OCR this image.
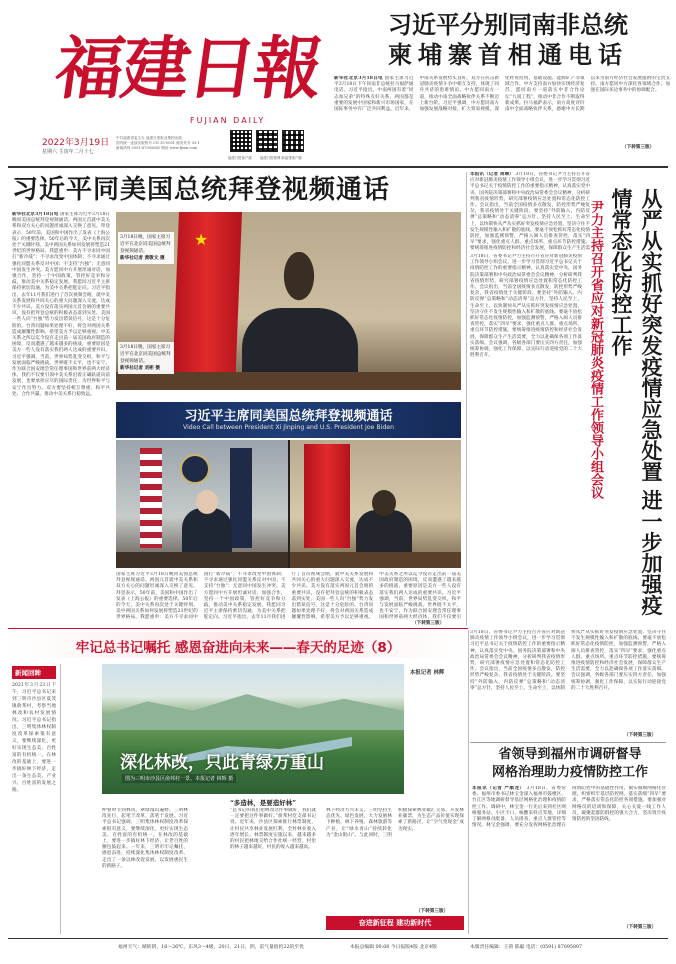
福建日報
FUJIAN DAILY
2022年3月19日
星期六 壬寅年二月十七
中共福建省委主办 福建日报报业集团出版
国内统一连续出版物号 CN 35-0001 邮发代号 33-1
新闻热线 0591-87095681 网址 www.fjsen.com
福建日报客户端 福建日报微博 新福建客户端
习近平分别同南非总统
柬埔寨首相通电话
新华社北京3月18日电 国家主席习近平3月18日下午同南非总统拉马福萨通电话。习近平指出，中南两国有着“同志加兄弟”的特殊友好关系。两国都是重要的发展中国家和新兴市场国家，在国际事务中有广泛共同利益。近年来，中南关系发展势头良好，双方在抗击新冠肺炎疫情斗争中相互支持，体现了同舟共济的患难情谊。中方愿同南方一道，推动中南全面战略伙伴关系不断迈上新台阶。习近平强调，中方愿同南方加强发展战略对接，扩大贸易规模，深化经贸投资、基础设施、能源矿产等领域合作。中方支持南方加快实现经济复苏，愿同南方一道落实中非合作论坛“九项工程”，推动中非合作不断取得新成果。拉马福萨表示，南方高度评价南中全面战略伙伴关系，感谢中方长期以来为南方经济社会发展提供的宝贵支持。南方愿同中方深化各领域合作，加强在国际多边事务中的协调配合。
（下转第三版）
习近平同美国总统拜登视频通话
新华社北京3月18日电 国家主席习近平3月18日晚同美国总统拜登视频通话。两国元首就中美关系和双方关心的问题坦诚深入交换了意见。拜登表示，50年前，美国和中国作出了发表《上海公报》的重要选择。50年后的今天，美中关系再次处于关键时刻。美中两国关系如何发展将塑造21世纪的世界格局。我愿重申：美方不寻求同中国打“新冷战”；不寻求改变中国体制；不寻求通过强化同盟关系反对中国；不支持“台独”；无意同中国发生冲突。美方愿同中方开展坦诚对话，加强合作，坚持一个中国政策，管控好竞争和分歧，推动美中关系稳定发展。我愿同习近平主席保持密切沟通，为美中关系把舵定向。习近平指出，去年11月我们进行了首次视频会晤，就中美关系发展和共同关心的重大问题深入交流，达成不少共识。美方没有落实两国元首会晤的重要共识，没有把拜登总统的积极表态落到实处。美国一些人向“台独”势力发出错误信号，这是十分危险的。台湾问题如果处理不好，将会对两国关系造成颠覆性影响。希望美方予以足够重视。中美关系之所以迄今没有走出前一届美国政府制造的困境，反而遭遇了越来越多的挑战，重要原因是美方一些人没有落实我们两人达成的重要共识。习近平强调，当前，世界局势乱变交织，和平与发展面临严峻挑战。世界既不太平，也不安宁。作为联合国安理会常任理事国和世界前两大经济体，我们不仅要引领中美关系沿着正确轨道向前发展，也要承担应尽的国际责任，为世界和平与安宁作出努力。双方要坚持相互尊重、和平共处、合作共赢，推动中美关系行稳致远。
★
3月18日晚，国家主席习近平在北京同美国总统拜登视频通话。
新华社记者 黄敬文 摄
3月18日晚，国家主席习近平在北京同美国总统拜登视频通话。
新华社记者 刘彬 摄
习近平主席同美国总统拜登视频通话
Video Call between President Xi Jinping and U.S. President Joe Biden
国家主席习近平3月18日晚同美国总统拜登视频通话。两国元首就中美关系和双方关心的问题坦诚深入交换了意见。拜登表示，50年前，美国和中国作出了发表《上海公报》的重要选择。50年后的今天，美中关系再次处于关键时刻。美中两国关系如何发展将塑造21世纪的世界格局。我愿重申：美方不寻求同中国打“新冷战”；不寻求改变中国体制；不寻求通过强化同盟关系反对中国；不支持“台独”；无意同中国发生冲突。美方愿同中方开展坦诚对话，加强合作，坚持一个中国政策，管控好竞争和分歧，推动美中关系稳定发展。我愿同习近平主席保持密切沟通，为美中关系把舵定向。习近平指出，去年11月我们进行了首次视频会晤，就中美关系发展和共同关心的重大问题深入交流，达成不少共识。美方没有落实两国元首会晤的重要共识，没有把拜登总统的积极表态落到实处。美国一些人向“台独”势力发出错误信号，这是十分危险的。台湾问题如果处理不好，将会对两国关系造成颠覆性影响。希望美方予以足够重视。中美关系之所以迄今没有走出前一届美国政府制造的困境，反而遭遇了越来越多的挑战，重要原因是美方一些人没有落实我们两人达成的重要共识。习近平强调，当前，世界局势乱变交织，和平与发展面临严峻挑战。世界既不太平，也不安宁。作为联合国安理会常任理事国和世界前两大经济体，我们不仅要引
（下转第三版）
本报讯（记者 周琳） 3月18日，省委书记尹力主持召开省应对新冠肺炎疫情工作领导小组会议，进一步学习贯彻习近平总书记关于疫情防控工作的重要指示精神，认真落实党中央、国务院决策部署和中央政治局常委会会议精神，分析研判我省疫情形势，研究部署疫情应急处置和常态化防控工作。会议指出，当前全国疫情多点散发，防控形势严峻复杂，我省疫情处于关键阶段。要坚持“外防输入、内防反弹”总策略和“动态清零”总方针，坚持人民至上、生命至上，以快制快从严从实抓好突发疫情应急处置，坚决守住不发生规模性输入和扩散的底线。要毫不放松抓好常态化疫情防控，加强监测预警，严格入闽人员排查管控，落实“四早”要求，强化重点人群、重点场所、重点环节防控措施。要统筹推进疫情防控和经济社会发展，保障群众生产生活需	从严从实抓好突发疫情应急处置 进一步加强疫情常态化防控工作
尹力主持召开省应对新冠肺炎疫情工作领导小组会议
3月18日，省委书记尹力主持召开省应对新冠肺炎疫情工作领导小组会议，进一步学习贯彻习近平总书记关于疫情防控工作的重要指示精神，认真落实党中央、国务院决策部署和中央政治局常委会会议精神，分析研判我省疫情形势，研究部署疫情应急处置和常态化防控工作。会议指出，当前全国疫情多点散发，防控形势严峻复杂，我省疫情处于关键阶段。要坚持“外防输入、内防反弹”总策略和“动态清零”总方针，坚持人民至上、生命至上，以快制快从严从实抓好突发疫情应急处置，坚决守住不发生规模性输入和扩散的底线。要毫不放松抓好常态化疫情防控，加强监测预警，严格入闽人员排查管控，落实“四早”要求，强化重点人群、重点场所、重点环节防控措施。要统筹推进疫情防控和经济社会发展，保障群众生产生活需要，全力以赴确保各项工作落实落细。会议强调，各级各部门要压实四方责任，加强统筹协调，强化工作保障，以实际行动迎接党的二十大胜利召开。
3月18日，省委书记尹力主持召开省应对新冠肺炎疫情工作领导小组会议，进一步学习贯彻习近平总书记关于疫情防控工作的重要指示精神，认真落实党中央、国务院决策部署和中央政治局常委会会议精神，分析研判我省疫情形势，研究部署疫情应急处置和常态化防控工作。会议指出，当前全国疫情多点散发，防控形势严峻复杂，我省疫情处于关键阶段。要坚持“外防输入、内防反弹”总策略和“动态清零”总方针，坚持人民至上、生命至上，以快制快从严从实抓好突发疫情应急处置，坚决守住不发生规模性输入和扩散的底线。要毫不放松抓好常态化疫情防控，加强监测预警，严格入闽人员排查管控，落实“四早”要求，强化重点人群、重点场所、重点环节防控措施。要统筹推进疫情防控和经济社会发展，保障群众生产生活需要，全力以赴确保各项工作落实落细。会议强调，各级各部门要压实四方责任，加强统筹协调，强化工作保障，以实际行动迎接党的二十大胜利召开。
（下转第三版）
牢记总书记嘱托 感恩奋进向未来——春天的足迹（8）
新闻回眸
2021年3月23日下午，习近平总书记来到三明市沙县区夏茂镇俞邦村，考察当地林改和农村发展情况。习近平总书记指出，三明集体林权制度改革探索很有意义，要继续深化，更好实现生态美、百姓富的有机统一。在林改的基础上，要进一步搞好林下经济，走出一条生态美、产业兴、百姓富的发展之路。
深化林改，只此青绿万重山
图为三明市沙县区俞邦村一景。本报记者 林辉 摄
本报记者 林辉
“多造林，是要造好林”
仲春时节到林岚，翠绿漫山遍野。三明林改先行，起笔于改革，落笔于发展。习近平总书记强调，三明集体林权制度改革探索很有意义，要继续深化，更好实现生态美、百姓富的有机统一。在林改的基础上，要进一步搞好林下经济，让老百姓的腰包鼓起来。一年来，三明市牢记嘱托、感恩奋进，持续深化集体林权制度改革，走出了一条以林改促发展、以发展惠民生的新路子。
“总书记叫我们把林改这件事做好，我们就一定要把这件事做好。”俞邦村党支部书记说。近年来，沙县区探索推行林票制度，让村民共享林业发展红利，全村林业收入逐年增长。林票制度实施以来，越来越多的村民把林地交给合作社统一经营，村里的林子越来越好，村民的收入越来越高。
林下经济方兴未艾。三明坚持生态优先、绿色发展，大力发展林下种植、林下养殖、森林旅游等产业，让“绿水青山”持续转化为“金山银山”。与此同时，三明积极探索林业碳汇交易，开发林业碳票，为生态产品价值实现探索了新路径，让“空气变现金”成为现实。
（下转第三版）
奋进新征程 建功新时代
省领导到福州市调研督导
网格治理助力疫情防控工作
本报讯（记者 严顺龙） 3月18日，省委常委、福州市委书记林宝金深入福州市鼓楼区、台江区等地调研督导基层网格化治理和疫情防控工作。调研中，林宝金一行先后来到社区网格服务站、小区卡口、核酸采样点等地，详细了解网格员配备、人员排查、重点人群管控等情况。林宝金强调，要充分发挥网格化治理在疫情防控中的基础性作用，做实做细网格化管理，织密织牢基层防控网，落实落细“四早”要求，严格落实常态化防控各项措施。要加强对网格员的培训和保障，关心关爱一线工作人员，凝聚起群防群控的强大合力，坚决筑牢疫情防控的坚固防线。
（下转第三版）
福州天气：晴转阴，16～26℃，东风3～4级，20日，21日，阴，雷气量值约22的至优	本报总编辑 00:08 今日报版4版 北京4版	本版责任编辑：王荷 陈聪 电话：(0591) 87095807
